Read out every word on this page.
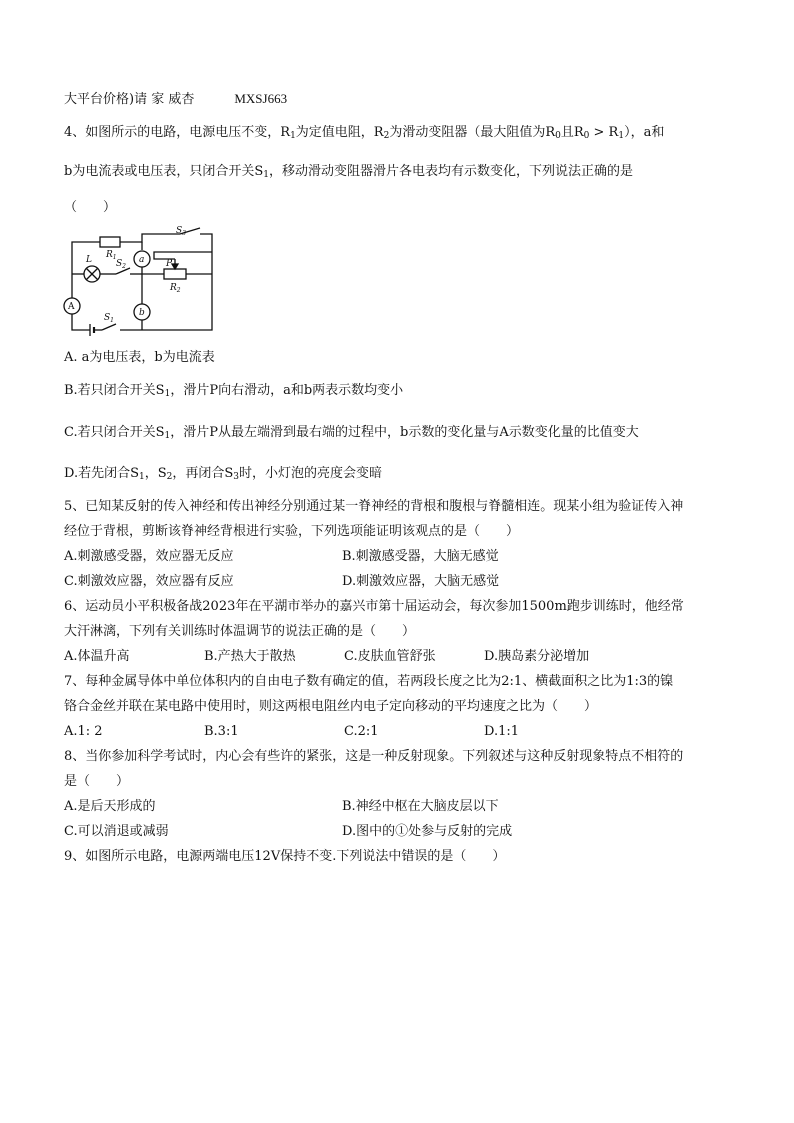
大平台价格)请 家 威杏	MXSJ663
4、如图所示的电路，电源电压不变，$R_1$为定值电阻，$R_2$为滑动变阻器（最大阻值为$R_0$且$R_0 > R_1$），a和
b为电流表或电压表，只闭合开关$S_1$，移动滑动变阻器滑片各电表均有示数变化，下列说法正确的是
（　　）
$R_1$
$R_2$
$S_3$
$S_2$
$S_1$
L	P
a
b
A
A. a为电压表，b为电流表
B.若只闭合开关$S_1$，滑片P向右滑动，a和b两表示数均变小
C.若只闭合开关$S_1$，滑片P从最左端滑到最右端的过程中，b示数的变化量与A示数变化量的比值变大
D.若先闭合$S_1$，$S_2$，再闭合$S_3$时，小灯泡的亮度会变暗
5、已知某反射的传入神经和传出神经分别通过某一脊神经的背根和腹根与脊髓相连。现某小组为验证传入神
经位于背根，剪断该脊神经背根进行实验，下列选项能证明该观点的是（　　）
A.刺激感受器，效应器无反应	B.刺激感受器，大脑无感觉
C.刺激效应器，效应器有反应	D.刺激效应器，大脑无感觉
6、运动员小平积极备战2023年在平湖市举办的嘉兴市第十届运动会，每次参加1500m跑步训练时，他经常
大汗淋漓，下列有关训练时体温调节的说法正确的是（　　）
A.体温升高	B.产热大于散热	C.皮肤血管舒张	D.胰岛素分泌增加
7、每种金属导体中单位体积内的自由电子数有确定的值，若两段长度之比为2:1、横截面积之比为1:3的镍
铬合金丝并联在某电路中使用时，则这两根电阻丝内电子定向移动的平均速度之比为（　　）
A.1: 2	B.3:1	C.2:1	D.1:1
8、当你参加科学考试时，内心会有些许的紧张，这是一种反射现象。下列叙述与这种反射现象特点不相符的
是（　　）
A.是后天形成的	B.神经中枢在大脑皮层以下
C.可以消退或减弱	D.图中的①处参与反射的完成
9、如图所示电路，电源两端电压12V保持不变.下列说法中错误的是（　　）
